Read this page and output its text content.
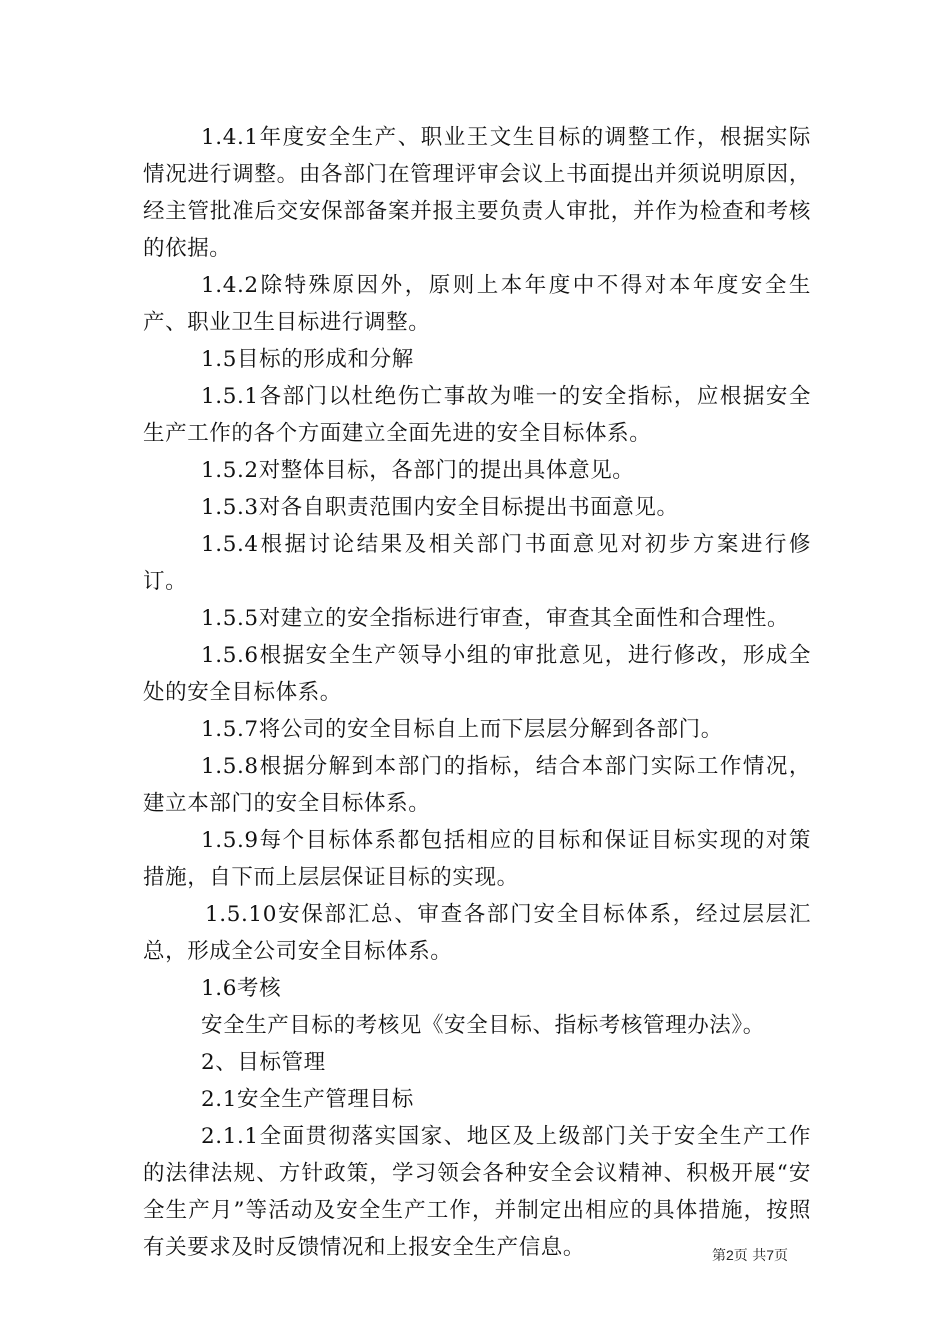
1.4.1年度安全生产、职业王文生目标的调整工作，根据实际情况进行调整。由各部门在管理评审会议上书面提出并须说明原因，经主管批准后交安保部备案并报主要负责人审批，并作为检查和考核的依据。

1.4.2除特殊原因外，原则上本年度中不得对本年度安全生产、职业卫生目标进行调整。

1.5目标的形成和分解

1.5.1各部门以杜绝伤亡事故为唯一的安全指标，应根据安全生产工作的各个方面建立全面先进的安全目标体系。

1.5.2对整体目标，各部门的提出具体意见。

1.5.3对各自职责范围内安全目标提出书面意见。

1.5.4根据讨论结果及相关部门书面意见对初步方案进行修订。

1.5.5对建立的安全指标进行审查，审查其全面性和合理性。

1.5.6根据安全生产领导小组的审批意见，进行修改，形成全处的安全目标体系。

1.5.7将公司的安全目标自上而下层层分解到各部门。

1.5.8根据分解到本部门的指标，结合本部门实际工作情况，建立本部门的安全目标体系。

1.5.9每个目标体系都包括相应的目标和保证目标实现的对策措施，自下而上层层保证目标的实现。

1.5.10安保部汇总、审查各部门安全目标体系，经过层层汇总，形成全公司安全目标体系。

1.6考核

安全生产目标的考核见《安全目标、指标考核管理办法》。

2、目标管理

2.1安全生产管理目标

2.1.1全面贯彻落实国家、地区及上级部门关于安全生产工作的法律法规、方针政策，学习领会各种安全会议精神、积极开展“安全生产月”等活动及安全生产工作，并制定出相应的具体措施，按照有关要求及时反馈情况和上报安全生产信息。	第2页 共7页
